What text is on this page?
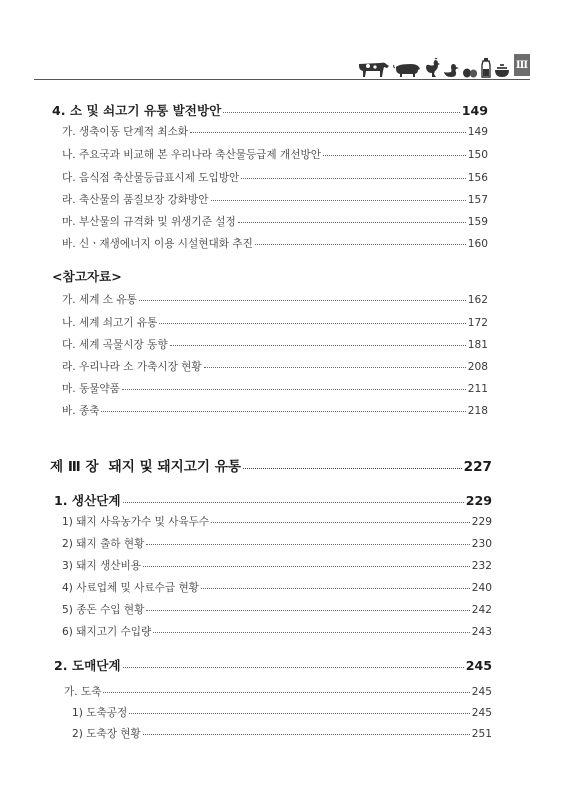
Ⅲ
4. 소 및 쇠고기 유통 발전방안	149
가. 생축이동 단계적 최소화	149
나. 주요국과 비교해 본 우리나라 축산물등급제 개선방안	150
다. 음식점 축산물등급표시제 도입방안	156
라. 축산물의 품질보장 강화방안	157
마. 부산물의 규격화 및 위생기준 설정	159
바. 신ㆍ재생에너지 이용 시설현대화 추진	160
<참고자료>
가. 세계 소 유통	162
나. 세계 쇠고기 유통	172
다. 세계 곡물시장 동향	181
라. 우리나라 소 가축시장 현황	208
마. 동물약품	211
바. 종축	218
제 Ⅲ 장 돼지 및 돼지고기 유통	227
1. 생산단계	229
1) 돼지 사육농가수 및 사육두수	229
2) 돼지 출하 현황	230
3) 돼지 생산비용	232
4) 사료업체 및 사료수급 현황	240
5) 종돈 수입 현황	242
6) 돼지고기 수입량	243
2. 도매단계	245
가. 도축	245
1) 도축공정	245
2) 도축장 현황	251
